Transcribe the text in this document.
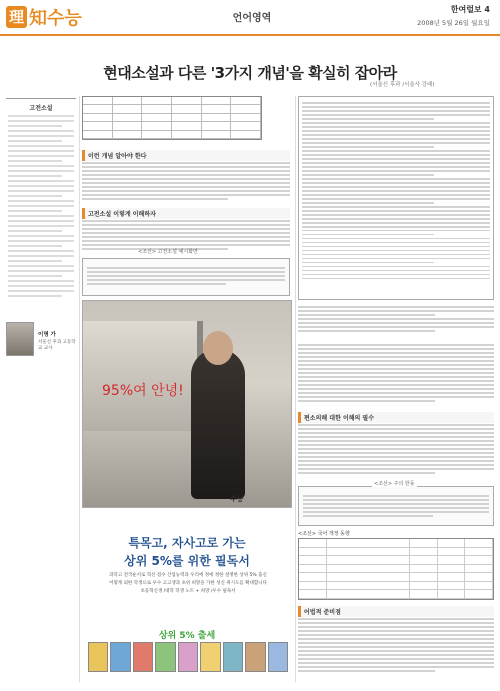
理 知수능	언어영역
한여럴보 4
2008년 5월 26일 월요일
현대소설과 다른 '3가지 개념'을 확실히 잡아라
(서울신 후과 /서울사 강래)
고전소설
이명 가
서울신 후과 고등학교 교사
이런 개념 알아야 한다
고전소설 이렇게 이해하자
<조선> 고전소설 예시화면
95%여 안녕!
수능
특목고, 자사고로 가는
상위 5%를 위한 필독서
과학고 전국순서로 혁신 점수 산업능력과 우리에 정에 정한 설명한 상위 5% 출신
어떻게 외한 학생으로 우수 고고생과 초위 희망을 가한 성신 취시도를 확대합니다
초등혁신생 /대학 학생 노트 + 희망 /우수 필독서
상위 5% 출세
편소의해 대한 이해의 필수
<조선> 주의 한동
<조선> 국어 개정 동향
어법적 준비점
